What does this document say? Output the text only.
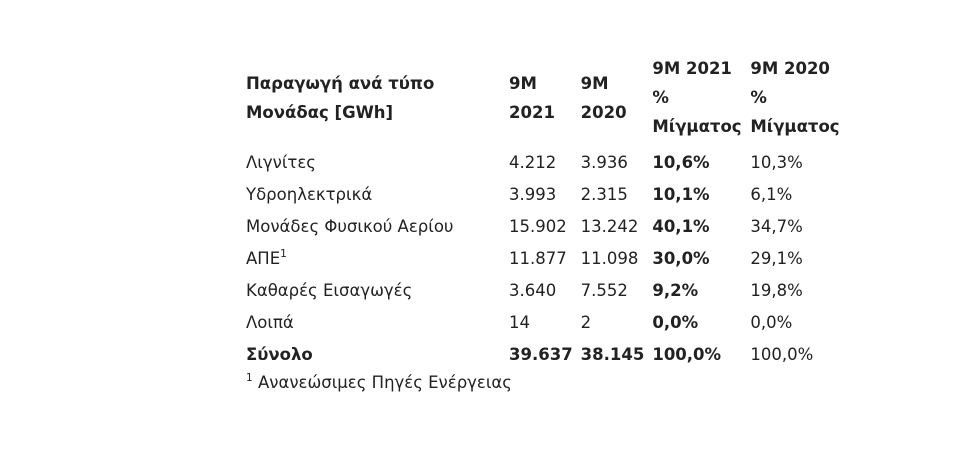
Παραγωγή ανά τύπο Μονάδας [GWh]	9M 2021	9M 2020	9M 2021 % Μίγματος	9M 2020 % Μίγματος

Λιγνίτες	4.212	3.936	10,6%	10,3%
Υδροηλεκτρικά	3.993	2.315	10,1%	6,1%
Μονάδες Φυσικού Αερίου	15.902	13.242	40,1%	34,7%
ΑΠΕ$^1$	11.877	11.098	30,0%	29,1%
Καθαρές Εισαγωγές	3.640	7.552	9,2%	19,8%
Λοιπά	14	2	0,0%	0,0%
Σύνολο	39.637	38.145	100,0%	100,0%
$^1$ Ανανεώσιμες Πηγές Ενέργειας
